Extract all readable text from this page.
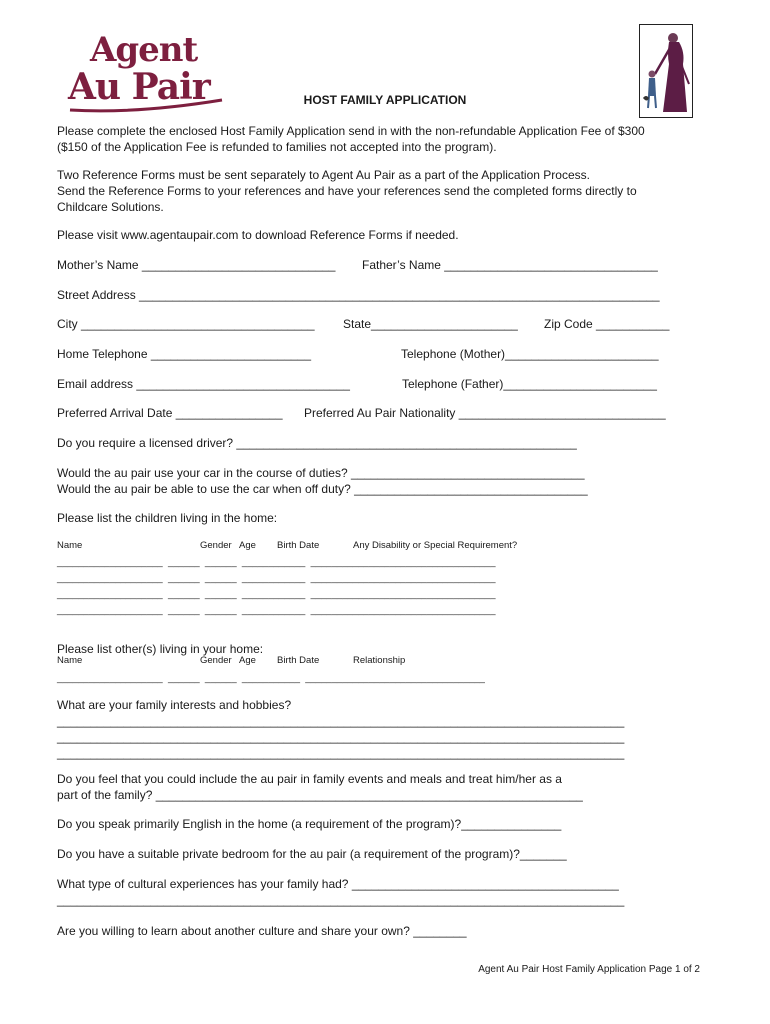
Agent
Au Pair	HOST FAMILY APPLICATION
Please complete the enclosed Host Family Application send in with the non-refundable Application Fee of $300
($150 of the Application Fee is refunded to families not accepted into the program).
Two Reference Forms must be sent separately to Agent Au Pair as a part of the Application Process.
Send the Reference Forms to your references and have your references send the completed forms directly to
Childcare Solutions.
Please visit www.agentaupair.com to download Reference Forms if needed.
Mother’s Name _____________________________ Father’s Name ________________________________
Street Address ______________________________________________________________________________
City ___________________________________ State______________________ Zip Code ___________
Home Telephone ________________________	Telephone (Mother)_______________________
Email address ________________________________	Telephone (Father)_______________________
Preferred Arrival Date ________________ Preferred Au Pair Nationality _______________________________
Do you require a licensed driver? ___________________________________________________
Would the au pair use your car in the course of duties? ___________________________________
Would the au pair be able to use the car when off duty? ___________________________________
Please list the children living in the home:
Name	Gender Age Birth Date	Any Disability or Special Requirement?
____________________  ______  ______  ____________  ___________________________________
____________________  ______  ______  ____________  ___________________________________
____________________  ______  ______  ____________  ___________________________________
____________________  ______  ______  ____________  ___________________________________
Please list other(s) living in your home:
Name	Gender Age Birth Date	Relationship
____________________  ______  ______  ___________  __________________________________
What are your family interests and hobbies?
_____________________________________________________________________________________
_____________________________________________________________________________________
_____________________________________________________________________________________
Do you feel that you could include the au pair in family events and meals and treat him/her as a
part of the family? ________________________________________________________________
Do you speak primarily English in the home (a requirement of the program)?_______________
Do you have a suitable private bedroom for the au pair (a requirement of the program)?_______
What type of cultural experiences has your family had? ________________________________________
_____________________________________________________________________________________
Are you willing to learn about another culture and share your own? ________
Agent Au Pair Host Family Application Page 1 of 2
